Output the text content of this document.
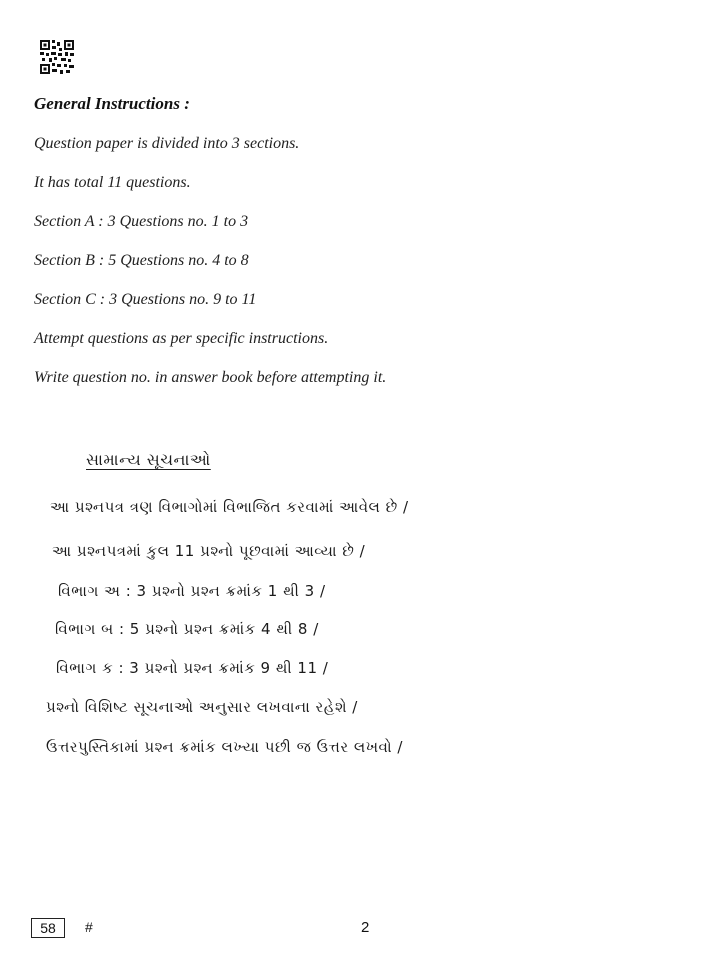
General Instructions :
Question paper is divided into 3 sections.
It has total 11 questions.
Section A : 3 Questions no. 1 to 3
Section B : 5 Questions no. 4 to 8
Section C : 3 Questions no. 9 to 11
Attempt questions as per specific instructions.
Write question no. in answer book before attempting it.
સામાન્ય સૂચનાઓ
આ પ્રશ્નપત્ર ત્રણ વિભાગોમાં વિભાજિત કરવામાં આવેલ છે /
આ પ્રશ્નપત્રમાં કુલ 11 પ્રશ્નો પૂછવામાં આવ્યા છે /
વિભાગ અ : 3 પ્રશ્નો પ્રશ્ન ક્રમાંક 1 થી 3 /
વિભાગ બ : 5 પ્રશ્નો પ્રશ્ન ક્રમાંક 4 થી 8 /
વિભાગ ક : 3 પ્રશ્નો પ્રશ્ન ક્રમાંક 9 થી 11 /
પ્રશ્નો વિશિષ્ટ સૂચનાઓ અનુસાર લખવાના રહેશે /
ઉત્તરપુસ્તિકામાં પ્રશ્ન ક્રમાંક લખ્યા પછી જ ઉત્તર લખવો /
58	#	2
